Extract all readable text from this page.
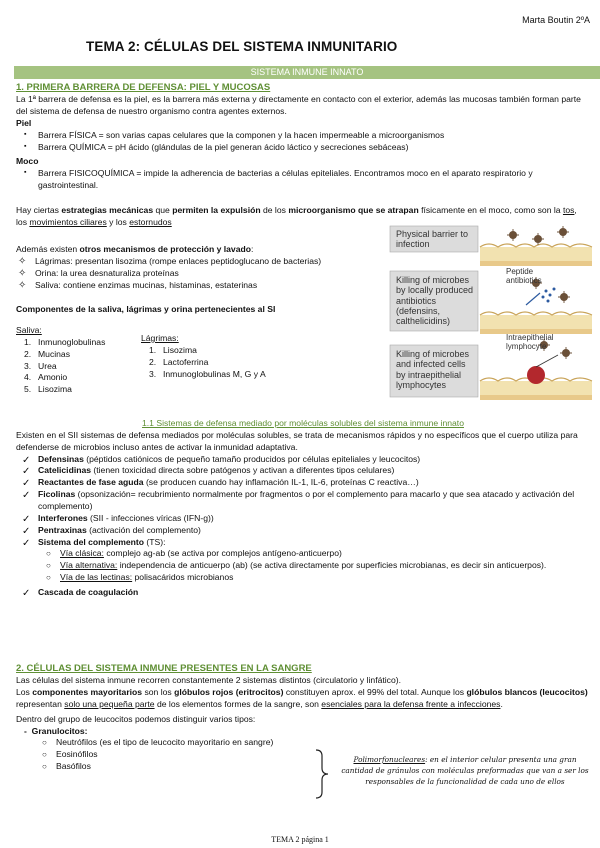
Marta Boutin 2ºA
TEMA 2: CÉLULAS DEL SISTEMA INMUNITARIO
SISTEMA INMUNE INNATO
1. PRIMERA BARRERA DE DEFENSA: PIEL Y MUCOSAS
La 1ª barrera de defensa es la piel, es la barrera más externa y directamente en contacto con el exterior, además las mucosas también forman parte del sistema de defensa de nuestro organismo contra agentes externos.
Piel
▪ Barrera FÍSICA = son varias capas celulares que la componen y la hacen impermeable a microorganismos
▪ Barrera QUÍMICA = pH ácido (glándulas de la piel generan ácido láctico y secreciones sebáceas)
Moco
▪ Barrera FISICOQUÍMICA = impide la adherencia de bacterias a células epiteliales. Encontramos moco en el aparato respiratorio y gastrointestinal.
Hay ciertas estrategias mecánicas que permiten la expulsión de los microorganismo que se atrapan físicamente en el moco, como son la tos, los movimientos ciliares y los estornudos
Además existen otros mecanismos de protección y lavado:
✧ Lágrimas: presentan lisozima (rompe enlaces peptidoglucano de bacterias)
✧ Orina: la urea desnaturaliza proteínas
✧ Saliva: contiene enzimas mucinas, histaminas, estaterinas
Componentes de la saliva, lágrimas y orina pertenecientes al SI
Saliva:
1. Inmunoglobulinas
2. Mucinas
3. Urea
4. Amonio
5. Lisozima
Lágrimas:
1. Lisozima
2. Lactoferrina
3. Inmunoglobulinas M, G y A
Physical barrier to infection
Killing of microbes by locally produced antibiotics (defensins, calthelicidins)
Killing of microbes and infected cells by intraepithelial lymphocytes
Peptide antibiotics
Intraepithelial lymphocyte
1.1 Sistemas de defensa mediado por moléculas solubles del sistema inmune innato
Existen en el SII sistemas de defensa mediados por moléculas solubles, se trata de mecanismos rápidos y no específicos que el cuerpo utiliza para defenderse de microbios incluso antes de activar la inmunidad adaptativa.
✓ Defensinas (péptidos catiónicos de pequeño tamaño producidos por células epiteliales y leucocitos)
✓ Catelicidinas (tienen toxicidad directa sobre patógenos y activan a diferentes tipos celulares)
✓ Reactantes de fase aguda (se producen cuando hay inflamación IL-1, IL-6, proteínas C reactiva…)
✓ Ficolinas (opsonización= recubrimiento normalmente por fragmentos o por el complemento para macarlo y que sea atacado y activación del complemento)
✓ Interferones (SII - infecciones víricas (IFN-g))
✓ Pentraxinas (activación del complemento)
✓ Sistema del complemento (TS):
○ Vía clásica: complejo ag-ab (se activa por complejos antígeno-anticuerpo)
○ Vía alternativa: independencia de anticuerpo (ab) (se activa directamente por superficies microbianas, es decir sin anticuerpos).
○ Vía de las lectinas: polisacáridos microbianos
✓ Cascada de coagulación
2. CÉLULAS DEL SISTEMA INMUNE PRESENTES EN LA SANGRE
Las células del sistema inmune recorren constantemente 2 sistemas distintos (circulatorio y linfático).
Los componentes mayoritarios son los glóbulos rojos (eritrocitos) constituyen aprox. el 99% del total. Aunque los glóbulos blancos (leucocitos) representan solo una pequeña parte de los elementos formes de la sangre, son esenciales para la defensa frente a infecciones.
Dentro del grupo de leucocitos podemos distinguir varios tipos:
-  Granulocitos:
○ Neutrófilos (es el tipo de leucocito mayoritario en sangre)
○ Eosinófilos
○ Basófilos
Polimorfonucleares: en el interior celular presenta una gran cantidad de gránulos con moléculas preformadas que van a ser los responsables de la funcionalidad de cada uno de ellos
TEMA 2 página 1
